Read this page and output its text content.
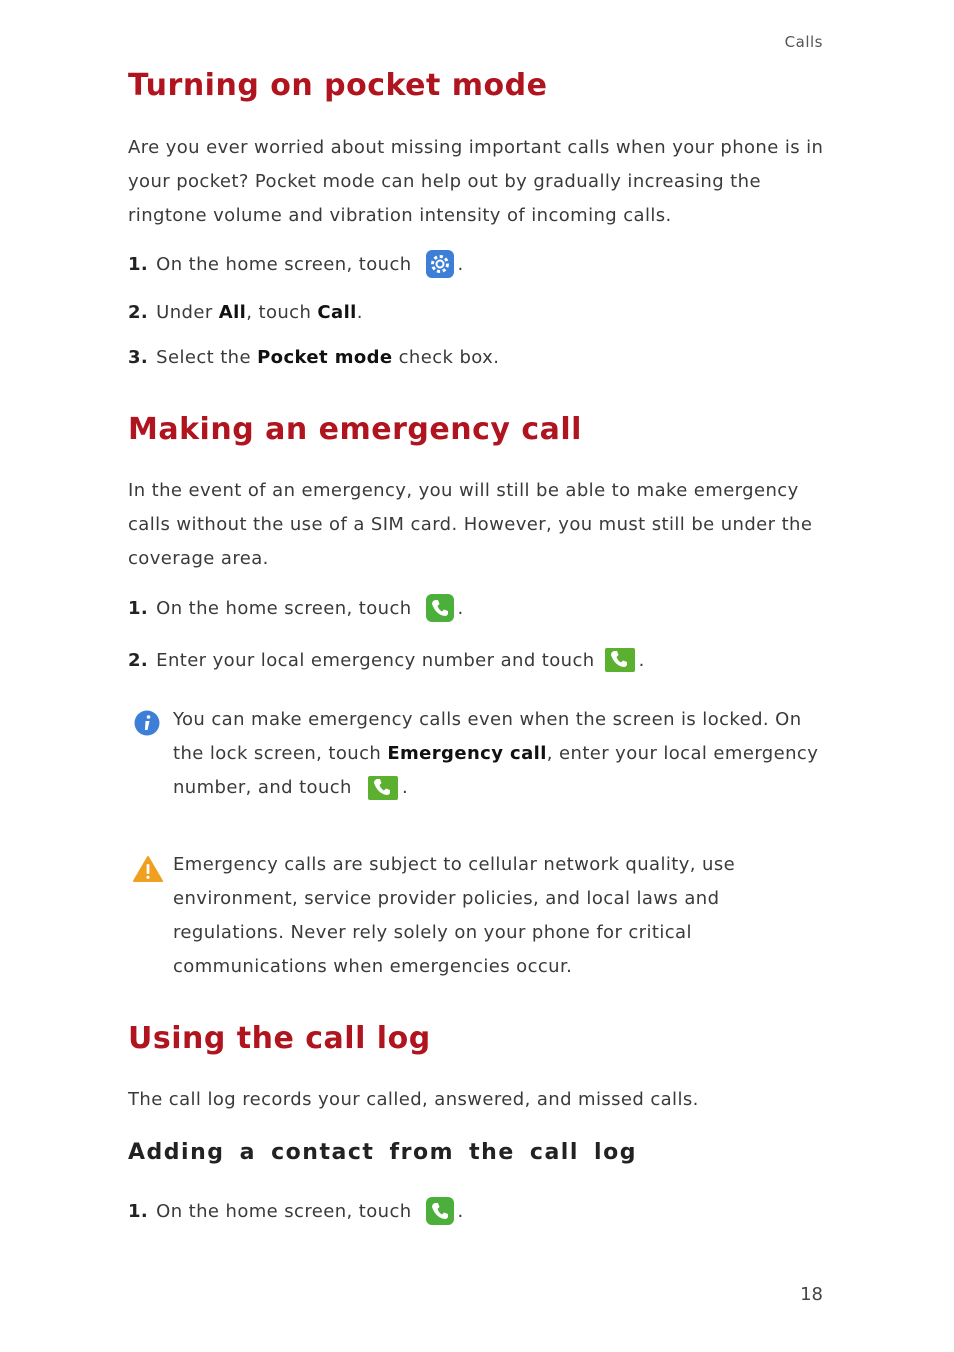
Calls
Turning on pocket mode

Are you ever worried about missing important calls when your phone is in your pocket? Pocket mode can help out by gradually increasing the ringtone volume and vibration intensity of incoming calls.

1. On the home screen, touch	.
2. Under All , touch Call .
3. Select the Pocket mode check box.
Making an emergency call

In the event of an emergency, you will still be able to make emergency calls without the use of a SIM card. However, you must still be under the coverage area.

1. On the home screen, touch	.
2. Enter your local emergency number and touch .

You can make emergency calls even when the screen is locked. On the lock screen, touch Emergency call, enter your local emergency number, and touch	.

Emergency calls are subject to cellular network quality, use environment, service provider policies, and local laws and regulations. Never rely solely on your phone for critical communications when emergencies occur.

Using the call log

The call log records your called, answered, and missed calls.

Adding a contact from the call log
1. On the home screen, touch	.
18
